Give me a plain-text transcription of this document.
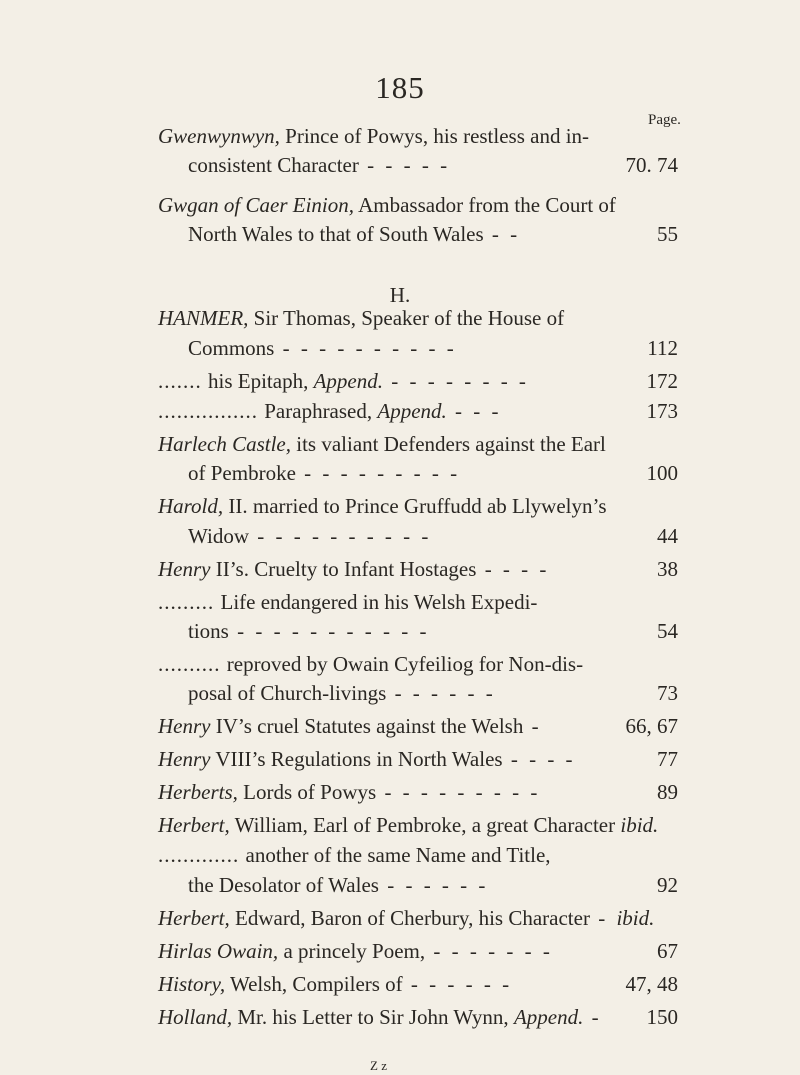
185
Page.
H.
Gwenwynwyn, Prince of Powys, his restless and in-
consistent Character - - - - -	70. 74
Gwgan of Caer Einion, Ambassador from the Court of
North Wales to that of South Wales - -	55
HANMER, Sir Thomas, Speaker of the House of
Commons - - - - - - - - - -	112
....... his Epitaph, Append. - - - - - - - -	172
................ Paraphrased, Append. - - -	173
Harlech Castle, its valiant Defenders against the Earl
of Pembroke - - - - - - - - -	100
Harold, II. married to Prince Gruffudd ab Llywelyn’s
Widow - - - - - - - - - -	44
Henry II’s. Cruelty to Infant Hostages - - - -	38
......... Life endangered in his Welsh Expedi-
tions - - - - - - - - - - -	54
.......... reproved by Owain Cyfeiliog for Non-dis-
posal of Church-livings - - - - - -	73
Henry IV’s cruel Statutes against the Welsh -	66, 67
Henry VIII’s Regulations in North Wales - - - -	77
Herberts, Lords of Powys - - - - - - - - -	89
Herbert, William, Earl of Pembroke, a great Character ibid.
............. another of the same Name and Title,
the Desolator of Wales - - - - - -	92
Herbert, Edward, Baron of Cherbury, his Character - ibid.
Hirlas Owain, a princely Poem, - - - - - - -	67
History, Welsh, Compilers of - - - - - -	47, 48
Holland, Mr. his Letter to Sir John Wynn, Append. - 150
Z z
